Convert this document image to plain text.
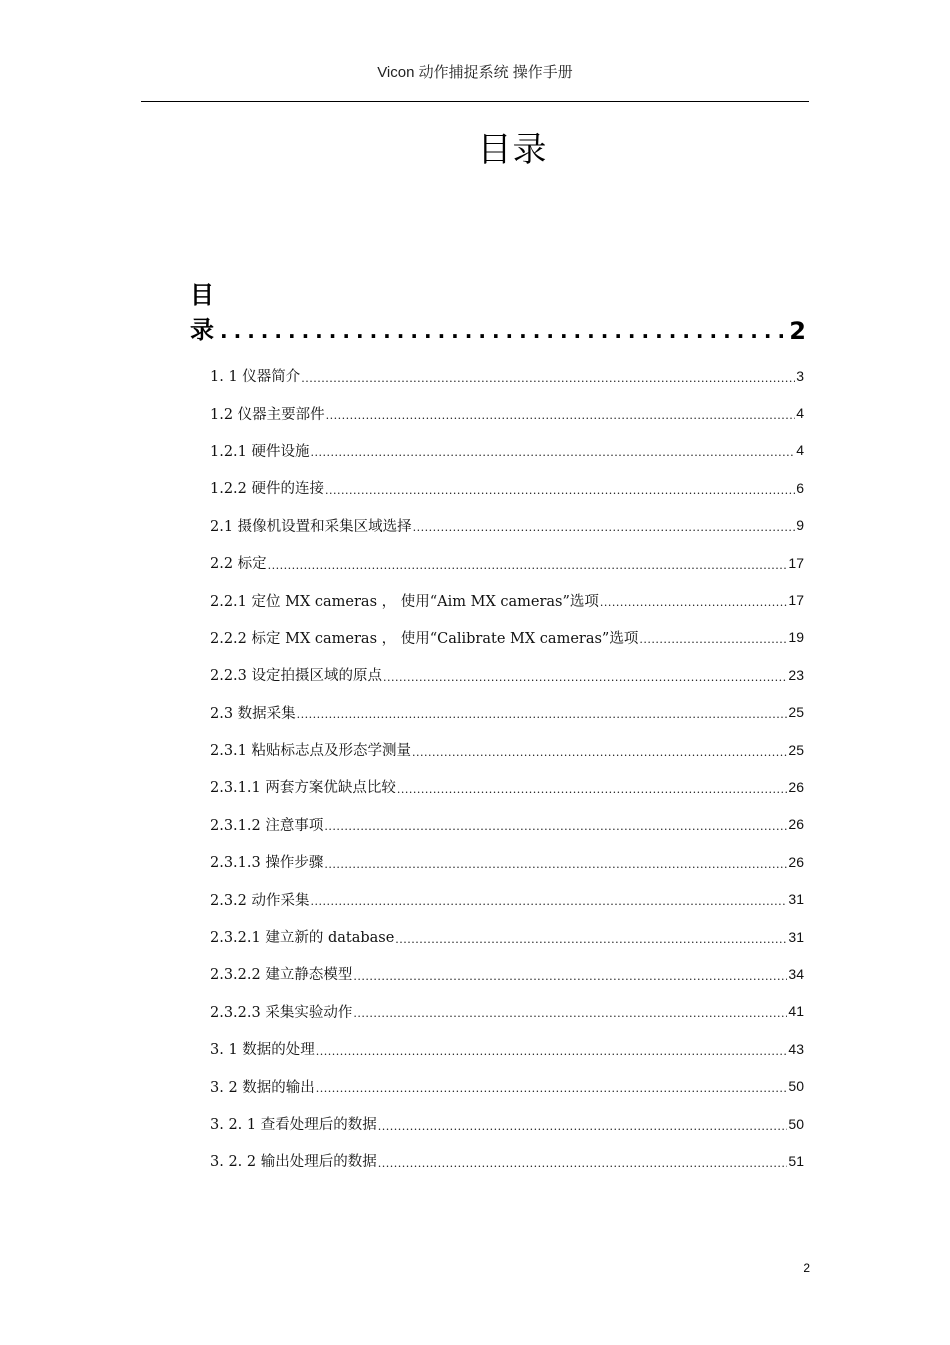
Vicon 动作捕捉系统 操作手册
目录
目录 .....	2
1. 1 仪器简介 .....	3
1.2 仪器主要部件 .....	4
1.2.1 硬件设施 .....	4
1.2.2 硬件的连接 .....	6
2.1 摄像机设置和采集区域选择 .....	9
2.2 标定 .....	17
2.2.1 定位 MX cameras ， 使用“Aim MX cameras”选项 .....	17
2.2.2 标定 MX cameras ， 使用“Calibrate MX cameras”选项 .....	19
2.2.3 设定拍摄区域的原点 .....	23
2.3 数据采集 .....	25
2.3.1 粘贴标志点及形态学测量 .....	25
2.3.1.1 两套方案优缺点比较 .....	26
2.3.1.2 注意事项 .....	26
2.3.1.3 操作步骤 .....	26
2.3.2 动作采集 .....	31
2.3.2.1 建立新的 database .....	31
2.3.2.2 建立静态模型 .....	34
2.3.2.3 采集实验动作 .....	41
3. 1 数据的处理 .....	43
3. 2 数据的输出 .....	50
3. 2. 1 查看处理后的数据 .....	50
3. 2. 2 输出处理后的数据 .....	51
2
